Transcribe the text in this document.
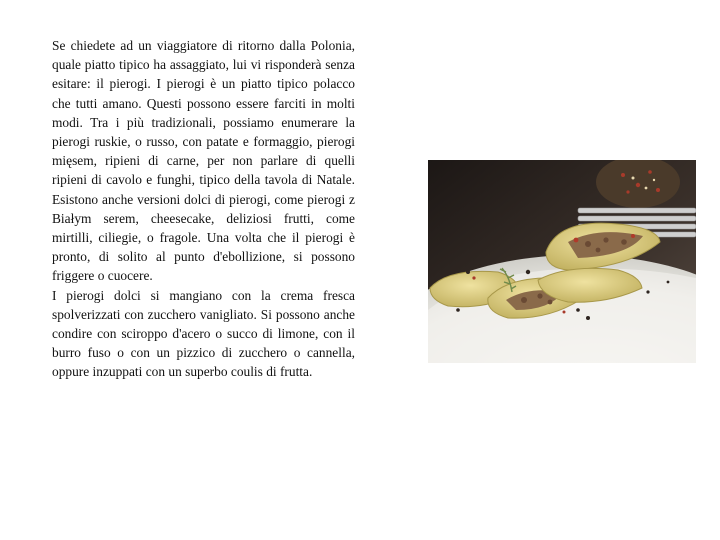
Se chiedete ad un viaggiatore di ritorno dalla Polonia, quale piatto tipico ha assaggiato, lui vi risponderà senza esitare: il pierogi. I pierogi è un piatto tipico polacco che tutti amano. Questi possono essere farciti in molti modi. Tra i più tradizionali, possiamo enumerare la pierogi ruskie, o russo, con patate e formaggio, pierogi mięsem, ripieni di carne, per non parlare di quelli ripieni di cavolo e funghi, tipico della tavola di Natale. Esistono anche versioni dolci di pierogi, come pierogi z Białym serem, cheesecake, deliziosi frutti, come mirtilli, ciliegie, o fragole. Una volta che il pierogi è pronto, di solito al punto d'ebollizione, si possono friggere o cuocere.

I pierogi dolci si mangiano con la crema fresca spolverizzati con zucchero vanigliato. Si possono anche condire con sciroppo d'acero o succo di limone, con il burro fuso o con un pizzico di zucchero o cannella, oppure inzuppati con un superbo coulis di frutta.
